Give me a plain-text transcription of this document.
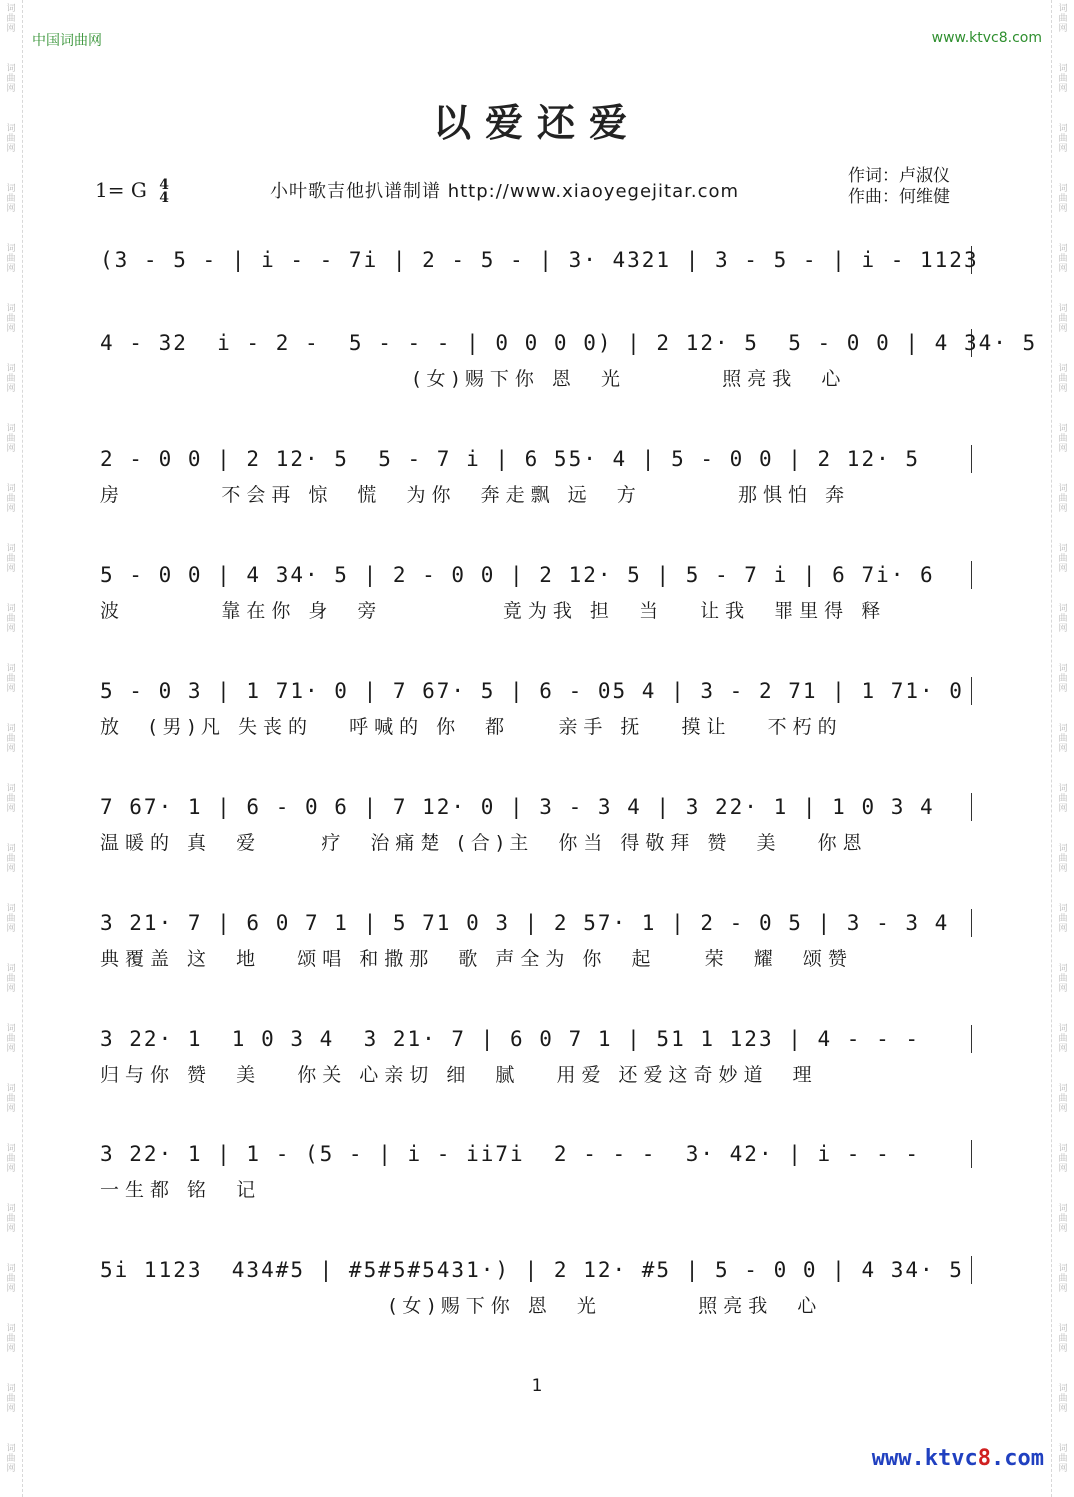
词
曲
网
词
曲
网
词
曲
网
词
曲
网
词
曲
网
词
曲
网
词
曲
网
词
曲
网
词
曲
网
词
曲
网
词
曲
网
词
曲
网
词
曲
网
词
曲
网
词
曲
网
词
曲
网
词
曲
网
词
曲
网
词
曲
网
词
曲
网
词
曲
网
词
曲
网
词
曲
网
词
曲
网
词
曲
网
词
曲
网
词
曲
网
词
曲
网
词
曲
网
词
曲
网
词
曲
网
词
曲
网
词
曲
网
词
曲
网
词
曲
网
词
曲
网
词
曲
网
词
曲
网
词
曲
网
词
曲
网
词
曲
网
词
曲
网
词
曲
网
词
曲
网
词
曲
网
词
曲
网
词
曲
网
词
曲
网
词
曲
网
词
曲
网
中国词曲网	www.ktvc8.com
以爱还爱
1= G 4
4	小叶歌吉他扒谱制谱 http://www.xiaoyegejitar.com
作词：卢淑仪
作曲：何维健
(3 - 5 - | i - - 7i | 2 - 5 - | 3· 4321 | 3 - 5 - | i - 1123
4 - 32  i - 2 -  5 - - - | 0 0 0 0) | 2 12· 5  5 - 0 0 | 4 34· 5
(女)赐下你 恩  光        照亮我  心
2 - 0 0 | 2 12· 5  5 - 7 i | 6 55· 4 | 5 - 0 0 | 2 12· 5
房        不会再 惊  慌  为你  奔走飘 远  方        那惧怕 奔
5 - 0 0 | 4 34· 5 | 2 - 0 0 | 2 12· 5 | 5 - 7 i | 6 7i· 6
波        靠在你 身  旁          竟为我 担  当   让我  罪里得 释
5 - 0 3 | 1 71· 0 | 7 67· 5 | 6 - 05 4 | 3 - 2 71 | 1 71· 0
放  (男)凡 失丧的   呼喊的 你  都    亲手 抚   摸让   不朽的
7 67· 1 | 6 - 0 6 | 7 12· 0 | 3 - 3 4 | 3 22· 1 | 1 0 3 4
温暖的 真  爱     疗  治痛楚 (合)主  你当 得敬拜 赞  美   你恩
3 21· 7 | 6 0 7 1 | 5 71 0 3 | 2 57· 1 | 2 - 0 5 | 3 - 3 4
典覆盖 这  地   颂唱 和撒那  歌 声全为 你  起    荣  耀  颂赞
3 22· 1  1 0 3 4  3 21· 7 | 6 0 7 1 | 51 1 123 | 4 - - -
归与你 赞  美   你关 心亲切 细  腻   用爱 还爱这奇妙道  理
3 22· 1 | 1 - (5 - | i - ii7i  2 - - -  3· 42· | i - - -
一生都 铭  记
5i 1123  434#5 | #5#5#5431·) | 2 12· #5 | 5 - 0 0 | 4 34· 5
(女)赐下你 恩  光        照亮我  心
1
www.ktvc8.com
